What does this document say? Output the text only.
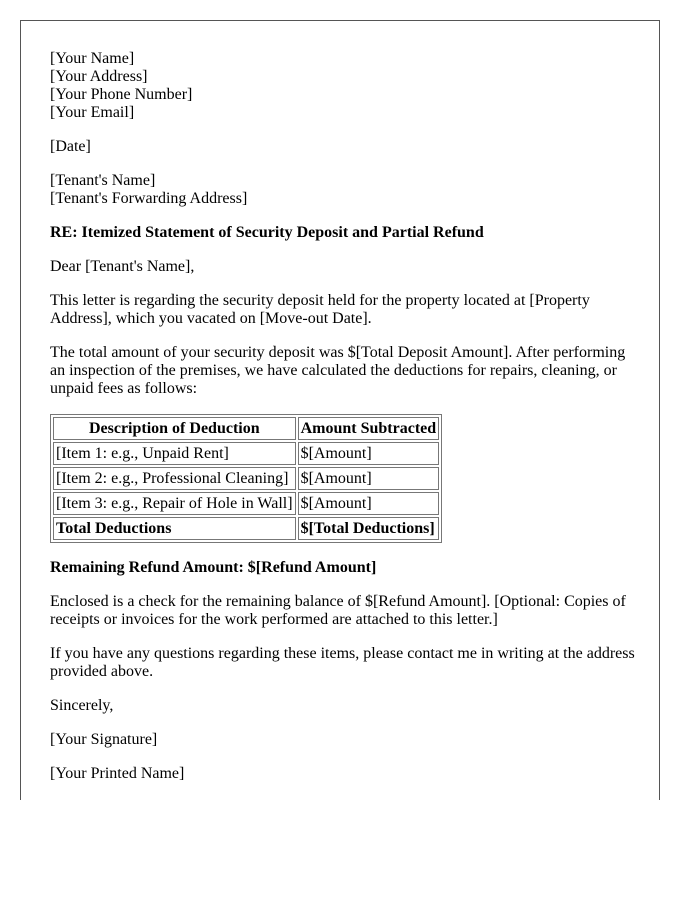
[Your Name]
[Your Address]
[Your Phone Number]
[Your Email]

[Date]

[Tenant's Name]
[Tenant's Forwarding Address]

RE: Itemized Statement of Security Deposit and Partial Refund

Dear [Tenant's Name],

This letter is regarding the security deposit held for the property located at [Property Address], which you vacated on [Move-out Date].

The total amount of your security deposit was $[Total Deposit Amount]. After performing an inspection of the premises, we have calculated the deductions for repairs, cleaning, or unpaid fees as follows:

Description of Deduction	Amount Subtracted
[Item 1: e.g., Unpaid Rent]	$[Amount]
[Item 2: e.g., Professional Cleaning]	$[Amount]
[Item 3: e.g., Repair of Hole in Wall]	$[Amount]
Total Deductions	$[Total Deductions]

Remaining Refund Amount: $[Refund Amount]

Enclosed is a check for the remaining balance of $[Refund Amount]. [Optional: Copies of receipts or invoices for the work performed are attached to this letter.]

If you have any questions regarding these items, please contact me in writing at the address provided above.

Sincerely,

[Your Signature]

[Your Printed Name]
